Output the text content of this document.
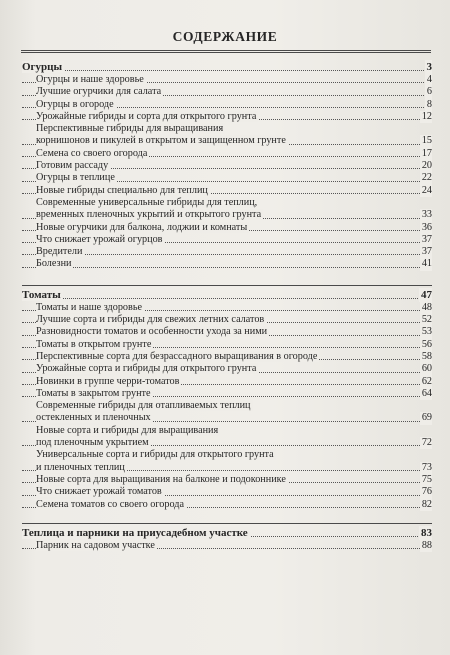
СОДЕРЖАНИЕ
Огурцы	3
Огурцы и наше здоровье	4
Лучшие огурчики для салата	6
Огурцы в огороде	8
Урожайные гибриды и сорта для открытого грунта	12
Перспективные гибриды для выращивания
корнишонов и пикулей в открытом и защищенном грунте	15
Семена со своего огорода	17
Готовим рассаду	20
Огурцы в теплице	22
Новые гибриды специально для теплиц	24
Современные универсальные гибриды для теплиц,
временных пленочных укрытий и открытого грунта	33
Новые огурчики для балкона, лоджии и комнаты	36
Что снижает урожай огурцов	37
Вредители	37
Болезни	41
Томаты	47
Томаты и наше здоровье	48
Лучшие сорта и гибриды для свежих летних салатов	52
Разновидности томатов и особенности ухода за ними	53
Томаты в открытом грунте	56
Перспективные сорта для безрассадного выращивания в огороде	58
Урожайные сорта и гибриды для открытого грунта	60
Новинки в группе черри-томатов	62
Томаты в закрытом грунте	64
Современные гибриды для отапливаемых теплиц
остекленных и пленочных	69
Новые сорта и гибриды для выращивания
под пленочным укрытием	72
Универсальные сорта и гибриды для открытого грунта
и пленочных теплиц	73
Новые сорта для выращивания на балконе и подоконнике	75
Что снижает урожай томатов	76
Семена томатов со своего огорода	82
Теплица и парники на приусадебном участке	83
Парник на садовом участке	88
